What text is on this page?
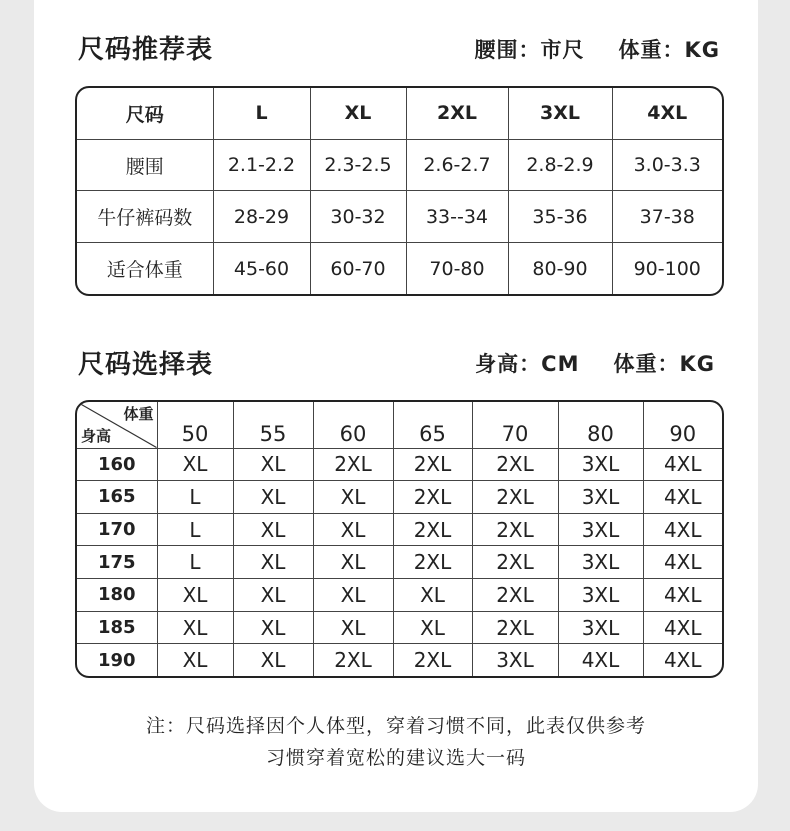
尺码推荐表	腰围：市尺 体重：KG
尺码	L	XL	2XL	3XL	4XL
腰围	2.1-2.2	2.3-2.5	2.6-2.7	2.8-2.9	3.0-3.3
牛仔裤码数	28-29	30-32	33--34	35-36	37-38
适合体重	45-60	60-70	70-80	80-90	90-100
尺码选择表	身高：CM 体重：KG
体重
身高	50	55	60	65	70	80	90
160	XL	XL	2XL	2XL	2XL	3XL	4XL
165	L	XL	XL	2XL	2XL	3XL	4XL
170	L	XL	XL	2XL	2XL	3XL	4XL
175	L	XL	XL	2XL	2XL	3XL	4XL
180	XL	XL	XL	XL	2XL	3XL	4XL
185	XL	XL	XL	XL	2XL	3XL	4XL
190	XL	XL	2XL	2XL	3XL	4XL	4XL
注：尺码选择因个人体型，穿着习惯不同，此表仅供参考
习惯穿着宽松的建议选大一码
